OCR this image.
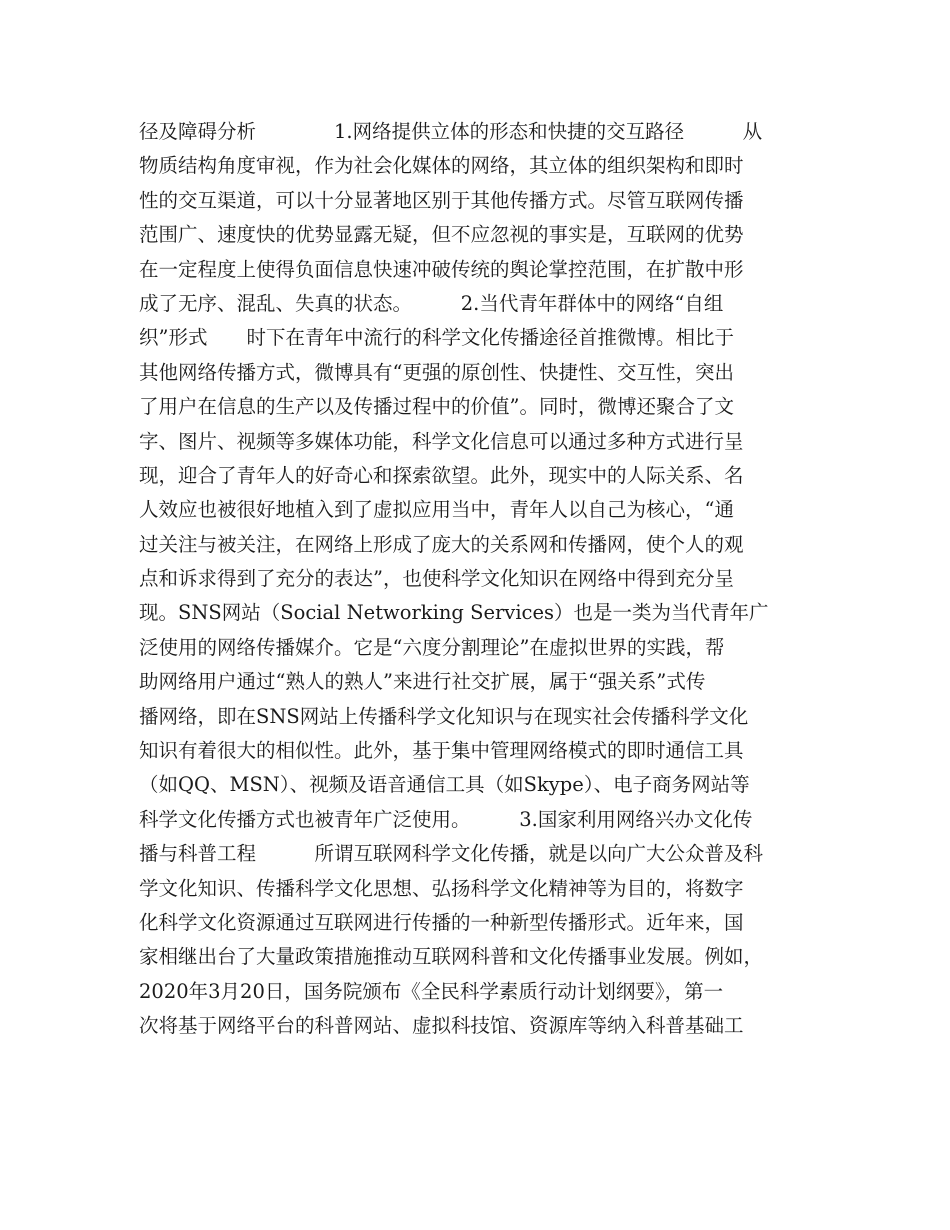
径及障碍分析　　　　1.网络提供立体的形态和快捷的交互路径　　　从
物质结构角度审视，作为社会化媒体的网络，其立体的组织架构和即时
性的交互渠道，可以十分显著地区别于其他传播方式。尽管互联网传播
范围广、速度快的优势显露无疑，但不应忽视的事实是，互联网的优势
在一定程度上使得负面信息快速冲破传统的舆论掌控范围，在扩散中形
成了无序、混乱、失真的状态。　　　2.当代青年群体中的网络“自组
织”形式　　时下在青年中流行的科学文化传播途径首推微博。相比于
其他网络传播方式，微博具有“更强的原创性、快捷性、交互性，突出
了用户在信息的生产以及传播过程中的价值”。同时，微博还聚合了文
字、图片、视频等多媒体功能，科学文化信息可以通过多种方式进行呈
现，迎合了青年人的好奇心和探索欲望。此外，现实中的人际关系、名
人效应也被很好地植入到了虚拟应用当中，青年人以自己为核心，“通
过关注与被关注，在网络上形成了庞大的关系网和传播网，使个人的观
点和诉求得到了充分的表达”，也使科学文化知识在网络中得到充分呈
现。SNS网站（Social Networking Services）也是一类为当代青年广
泛使用的网络传播媒介。它是“六度分割理论”在虚拟世界的实践，帮
助网络用户通过“熟人的熟人”来进行社交扩展，属于“强关系”式传
播网络，即在SNS网站上传播科学文化知识与在现实社会传播科学文化
知识有着很大的相似性。此外，基于集中管理网络模式的即时通信工具
（如QQ、MSN）、视频及语音通信工具（如Skype）、电子商务网站等
科学文化传播方式也被青年广泛使用。　　　3.国家利用网络兴办文化传
播与科普工程　　　所谓互联网科学文化传播，就是以向广大公众普及科
学文化知识、传播科学文化思想、弘扬科学文化精神等为目的，将数字
化科学文化资源通过互联网进行传播的一种新型传播形式。近年来，国
家相继出台了大量政策措施推动互联网科普和文化传播事业发展。例如，
2020年3月20日，国务院颁布《全民科学素质行动计划纲要》，第一
次将基于网络平台的科普网站、虚拟科技馆、资源库等纳入科普基础工
